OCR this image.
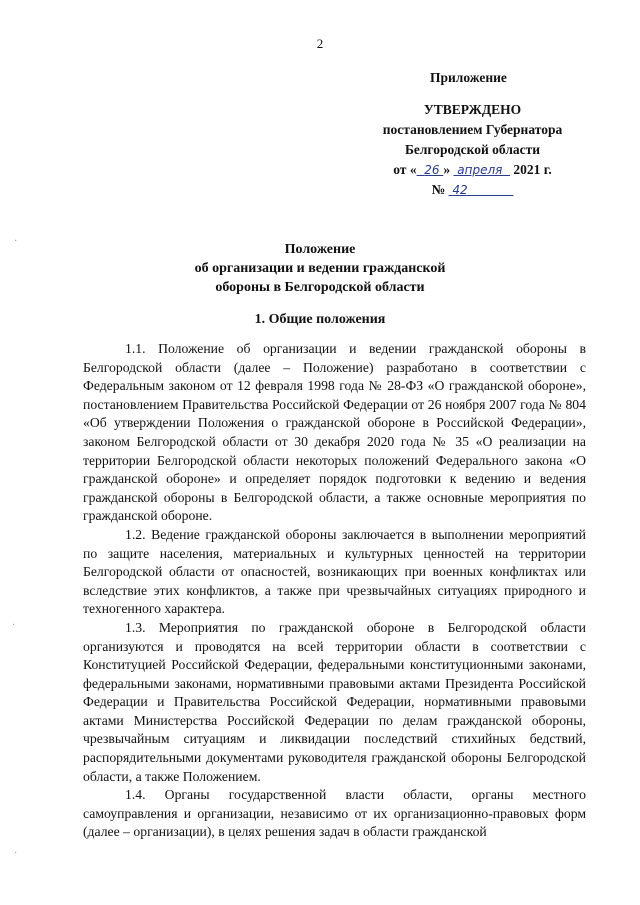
2
Приложение
УТВЕРЖДЕНО
постановлением Губернатора
Белгородской области
от « 26 » апреля 2021 г.
№ 42
Положение
об организации и ведении гражданской
обороны в Белгородской области
1. Общие положения

1.1. Положение об организации и ведении гражданской обороны в Белгородской области (далее – Положение) разработано в соответствии с Федеральным законом от 12 февраля 1998 года № 28-ФЗ «О гражданской обороне», постановлением Правительства Российской Федерации от 26 ноября 2007 года № 804 «Об утверждении Положения о гражданской обороне в Российской Федерации», законом Белгородской области от 30 декабря 2020 года № 35 «О реализации на территории Белгородской области некоторых положений Федерального закона «О гражданской обороне» и определяет порядок подготовки к ведению и ведения гражданской обороны в Белгородской области, а также основные мероприятия по гражданской обороне.

1.2. Ведение гражданской обороны заключается в выполнении мероприятий по защите населения, материальных и культурных ценностей на территории Белгородской области от опасностей, возникающих при военных конфликтах или вследствие этих конфликтов, а также при чрезвычайных ситуациях природного и техногенного характера.

1.3. Мероприятия по гражданской обороне в Белгородской области организуются и проводятся на всей территории области в соответствии с Конституцией Российской Федерации, федеральными конституционными законами, федеральными законами, нормативными правовыми актами Президента Российской Федерации и Правительства Российской Федерации, нормативными правовыми актами Министерства Российской Федерации по делам гражданской обороны, чрезвычайным ситуациям и ликвидации последствий стихийных бедствий, распорядительными документами руководителя гражданской обороны Белгородской области, а также Положением.

1.4. Органы государственной власти области, органы местного самоуправления и организации, независимо от их организационно-правовых форм (далее – организации), в целях решения задач в области гражданской

·
·
·
